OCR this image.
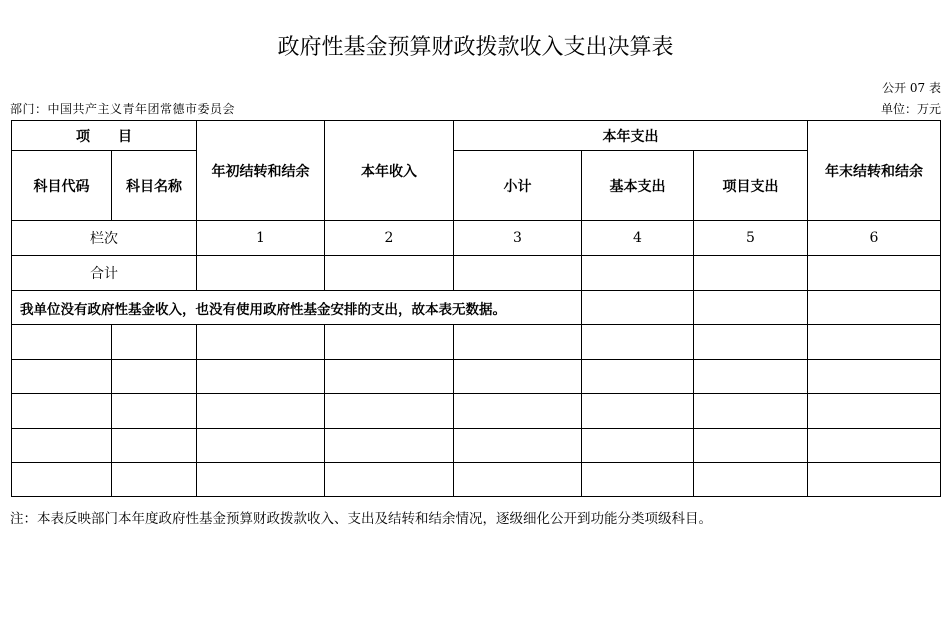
政府性基金预算财政拨款收入支出决算表
公开 07 表
部门：中国共产主义青年团常德市委员会	单位：万元
项　　目		年初结转和结余	本年收入	本年支出			年末结转和结余
科目代码	科目名称			小计	基本支出	项目支出	
栏次		1	2	3	4	5	6
合计							
我单位没有政府性基金收入，也没有使用政府性基金安排的支出，故本表无数据。							

注：本表反映部门本年度政府性基金预算财政拨款收入、支出及结转和结余情况，逐级细化公开到功能分类项级科目。
